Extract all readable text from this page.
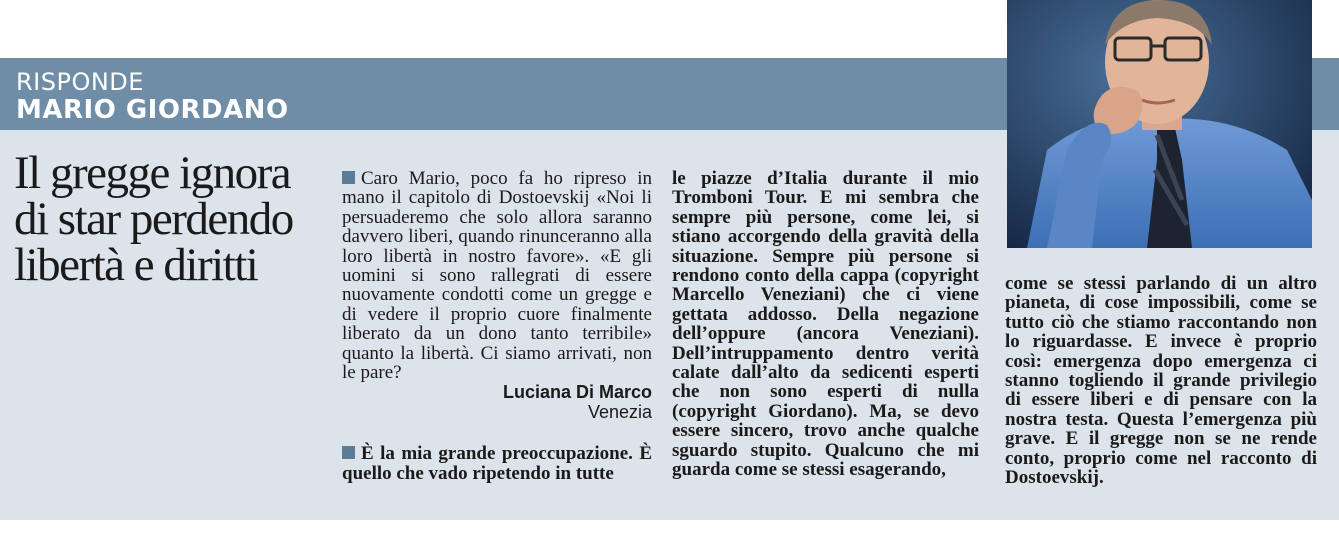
RISPONDE
MARIO GIORDANO
Il gregge ignora di star perdendo libertà e diritti

Caro Mario, poco fa ho ripreso in mano il capitolo di Dostoevskij «Noi li persuaderemo che solo allora saranno davvero liberi, quando rinunceranno alla loro libertà in nostro favore». «E gli uomini si sono rallegrati di essere nuovamente condotti come un gregge e di vedere il proprio cuore finalmente liberato da un dono tanto terribile» quanto la libertà. Ci siamo arrivati, non le pare?

Luciana Di Marco
Venezia

È la mia grande preoccupazione. È quello che vado ripetendo in tutte

le piazze d’Italia durante il mio Tromboni Tour. E mi sembra che sempre più persone, come lei, si stiano accorgendo della gravità della situazione. Sempre più persone si rendono conto della cappa (copyright Marcello Veneziani) che ci viene gettata addosso. Della negazione dell’oppure (ancora Veneziani). Dell’intruppamento dentro verità calate dall’alto da sedicenti esperti che non sono esperti di nulla (copyright Giordano). Ma, se devo essere sincero, trovo anche qualche sguardo stupito. Qualcuno che mi guarda come se stessi esagerando,

come se stessi parlando di un altro pianeta, di cose impossibili, come se tutto ciò che stiamo raccontando non lo riguardasse. E invece è proprio così: emergenza dopo emergenza ci stanno togliendo il grande privilegio di essere liberi e di pensare con la nostra testa. Questa l’emergenza più grave. E il gregge non se ne rende conto, proprio come nel racconto di Dostoevskij.
